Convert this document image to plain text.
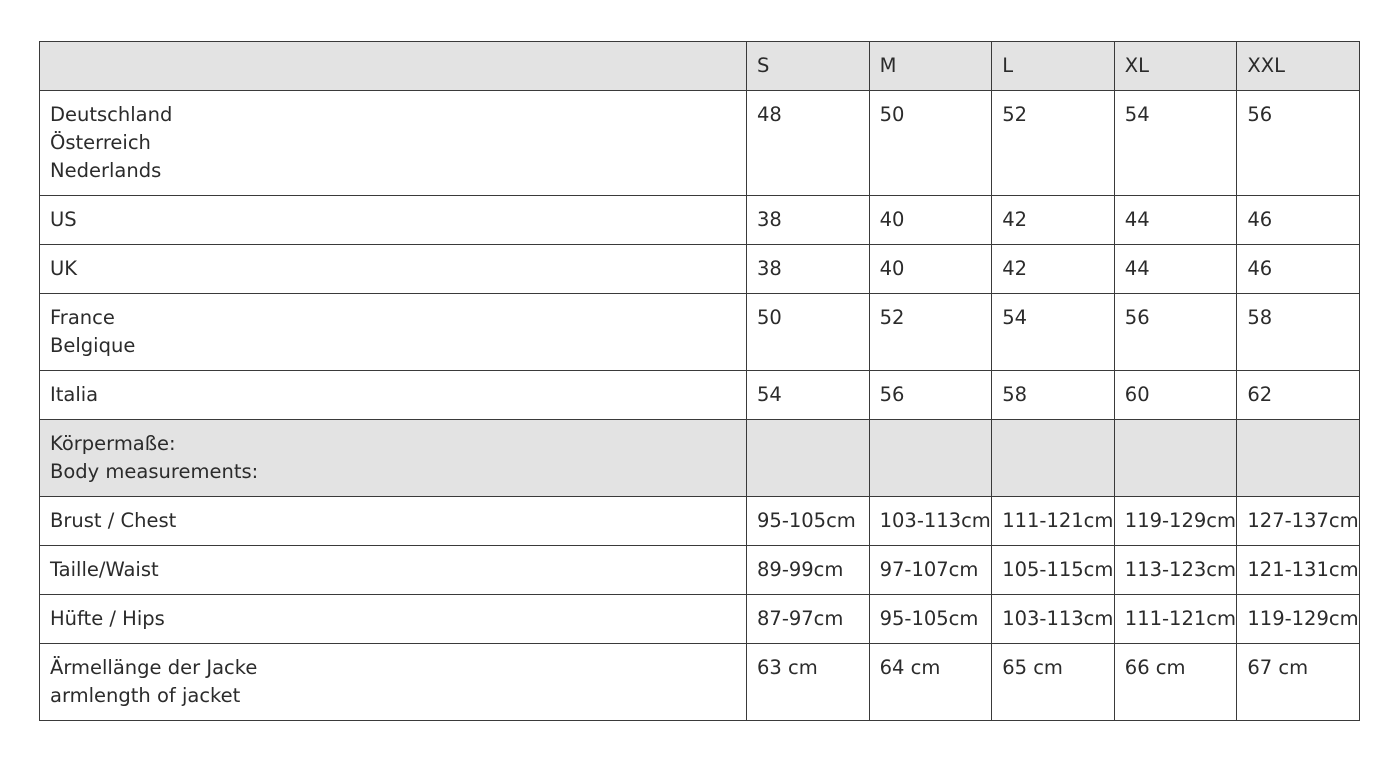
	S	M	L	XL	XXL

Deutschland
Österreich
Nederlands	48	50	52	54	56

US	38	40	42	44	46

UK	38	40	42	44	46

France
Belgique	50	52	54	56	58

Italia	54	56	58	60	62

Körpermaße:
Body measurements:					

Brust / Chest	95-105cm	103-113cm	111-121cm	119-129cm	127-137cm

Taille/Waist	89-99cm	97-107cm	105-115cm	113-123cm	121-131cm

Hüfte / Hips	87-97cm	95-105cm	103-113cm	111-121cm	119-129cm

Ärmellänge der Jacke
armlength of jacket	63 cm	64 cm	65 cm	66 cm	67 cm
